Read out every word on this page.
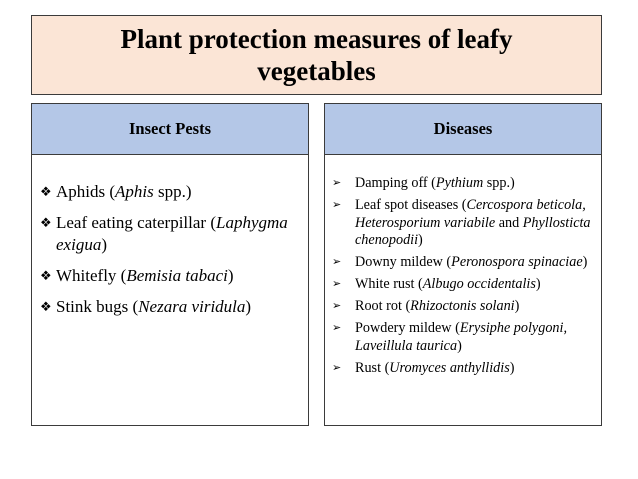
Plant protection measures of leafy
vegetables
Insect Pests
❖ Aphids (Aphis spp.)
❖ Leaf eating caterpillar (Laphygma exigua)
❖ Whitefly (Bemisia tabaci)
❖ Stink bugs (Nezara viridula)
Diseases
➢ Damping off (Pythium spp.)
➢ Leaf spot diseases (Cercospora beticola, Heterosporium variabile and Phyllosticta chenopodii)
➢ Downy mildew (Peronospora spinaciae)
➢ White rust (Albugo occidentalis)
➢ Root rot (Rhizoctonis solani)
➢ Powdery mildew (Erysiphe polygoni, Laveillula taurica)
➢ Rust (Uromyces anthyllidis)
